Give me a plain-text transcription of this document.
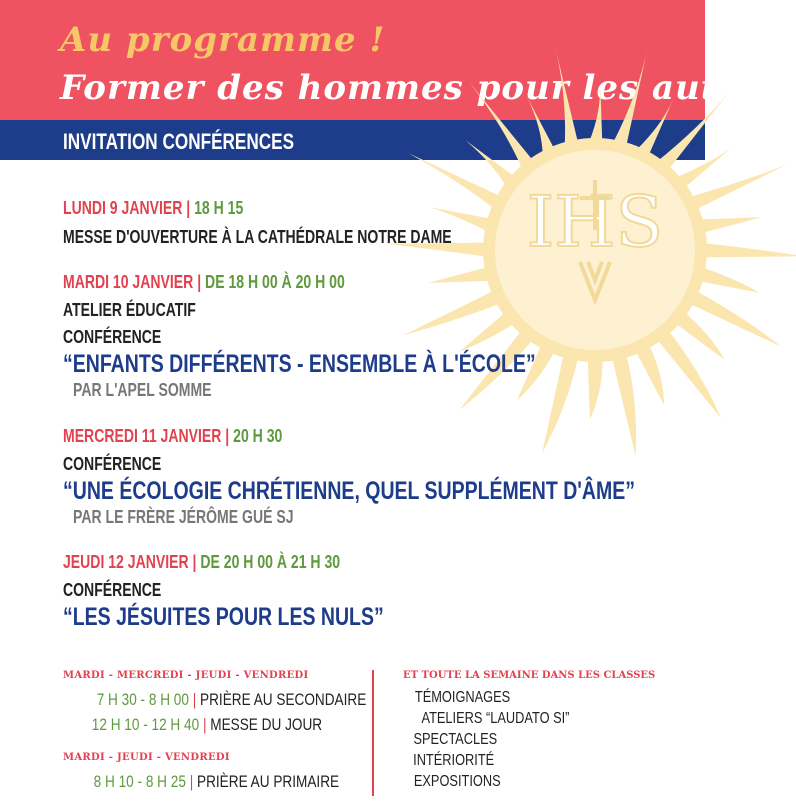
Au programme !
Former des hommes pour les autres
INVITATION CONFÉRENCES
IHS
LUNDI 9 JANVIER | 18 H 15
MESSE D'OUVERTURE À LA CATHÉDRALE NOTRE DAME
MARDI 10 JANVIER | DE 18 H 00 À 20 H 00
ATELIER ÉDUCATIF
CONFÉRENCE
“ENFANTS DIFFÉRENTS - ENSEMBLE À L'ÉCOLE”
PAR L'APEL SOMME
MERCREDI 11 JANVIER | 20 H 30
CONFÉRENCE
“UNE ÉCOLOGIE CHRÉTIENNE, QUEL SUPPLÉMENT D'ÂME”
PAR LE FRÈRE JÉRÔME GUÉ SJ
JEUDI 12 JANVIER | DE 20 H 00 À 21 H 30
CONFÉRENCE
“LES JÉSUITES POUR LES NULS”
MARDI - MERCREDI - JEUDI - VENDREDI
7 H 30 - 8 H 00 | PRIÈRE AU SECONDAIRE
12 H 10 - 12 H 40 | MESSE DU JOUR
MARDI - JEUDI - VENDREDI
8 H 10 - 8 H 25 | PRIÈRE AU PRIMAIRE
ET TOUTE LA SEMAINE DANS LES CLASSES
TÉMOIGNAGES
ATELIERS “LAUDATO SI”
SPECTACLES
INTÉRIORITÉ
EXPOSITIONS
